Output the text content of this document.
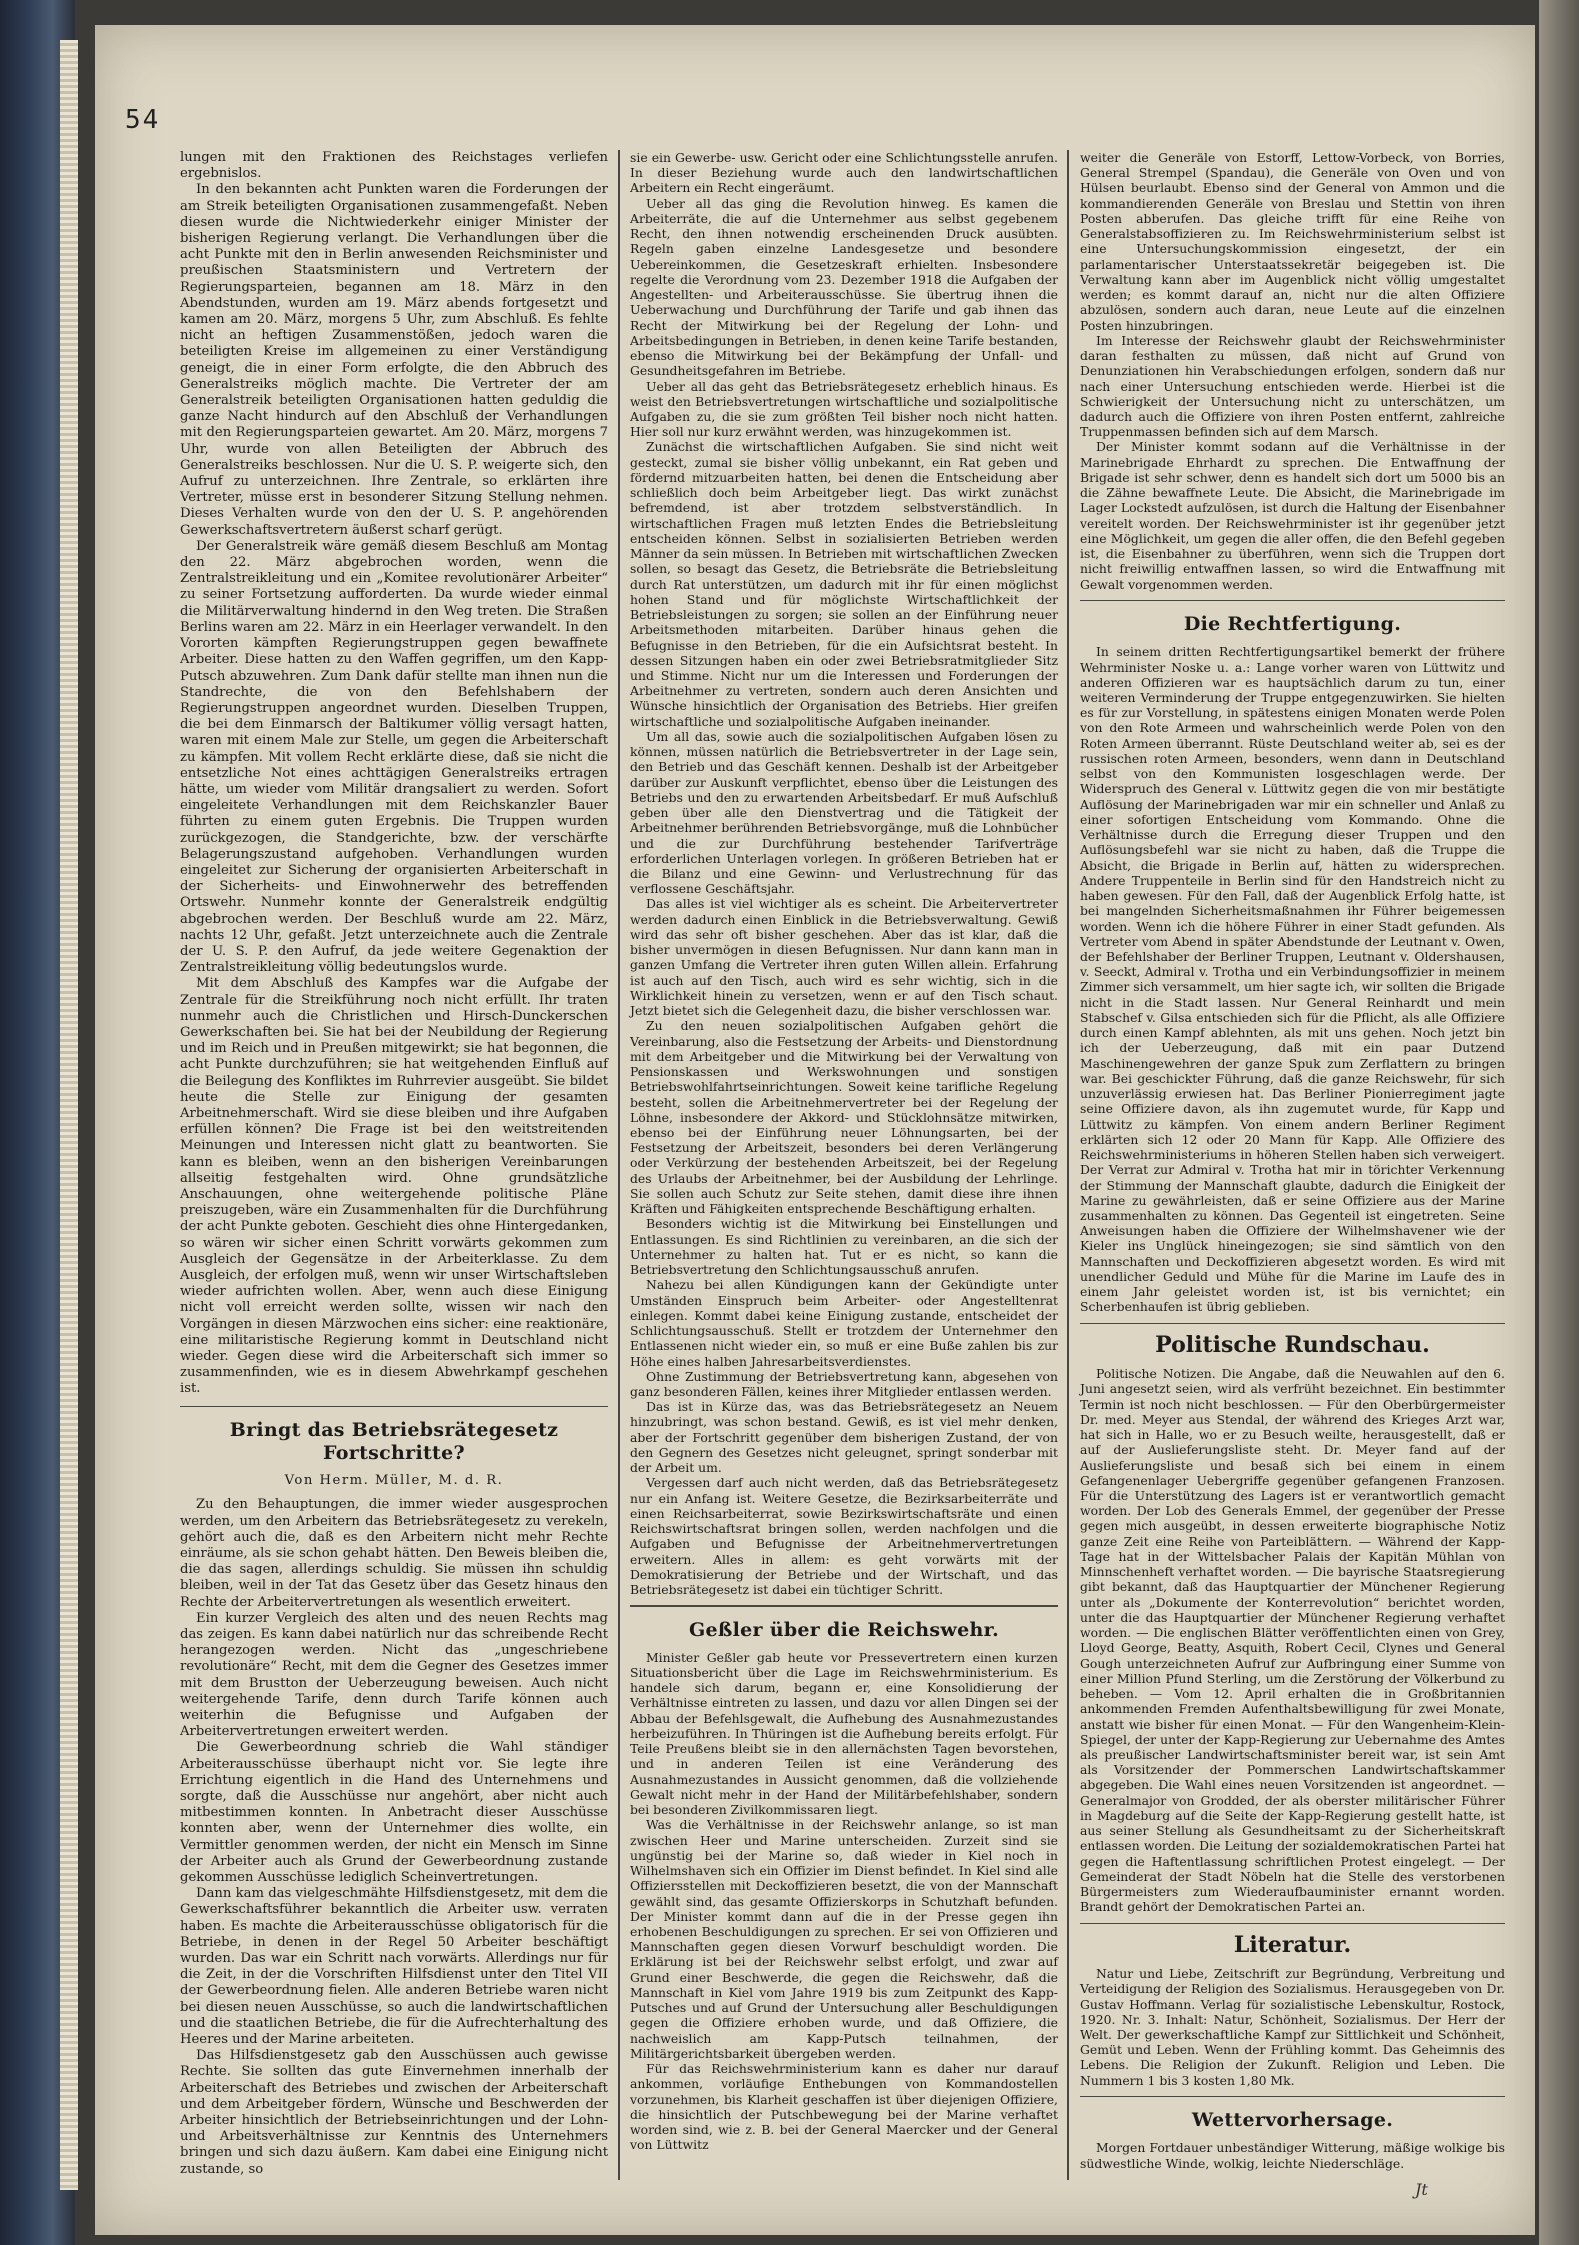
54

lungen mit den Fraktionen des Reichstages verliefen ergebnislos.

In den bekannten acht Punkten waren die Forderungen der am Streik beteiligten Organisationen zusammengefaßt. Neben diesen wurde die Nichtwiederkehr einiger Minister der bisherigen Regierung verlangt. Die Verhandlungen über die acht Punkte mit den in Berlin anwesenden Reichsminister und preußischen Staatsministern und Vertretern der Regierungsparteien, begannen am 18. März in den Abendstunden, wurden am 19. März abends fortgesetzt und kamen am 20. März, morgens 5 Uhr, zum Abschluß. Es fehlte nicht an heftigen Zusammenstößen, jedoch waren die beteiligten Kreise im allgemeinen zu einer Verständigung geneigt, die in einer Form erfolgte, die den Abbruch des Generalstreiks möglich machte. Die Vertreter der am Generalstreik beteiligten Organisationen hatten geduldig die ganze Nacht hindurch auf den Abschluß der Verhandlungen mit den Regierungsparteien gewartet. Am 20. März, morgens 7 Uhr, wurde von allen Beteiligten der Abbruch des Generalstreiks beschlossen. Nur die U. S. P. weigerte sich, den Aufruf zu unterzeichnen. Ihre Zentrale, so erklärten ihre Vertreter, müsse erst in besonderer Sitzung Stellung nehmen. Dieses Verhalten wurde von den der U. S. P. angehörenden Gewerkschaftsvertretern äußerst scharf gerügt.

Der Generalstreik wäre gemäß diesem Beschluß am Montag den 22. März abgebrochen worden, wenn die Zentralstreikleitung und ein „Komitee revolutionärer Arbeiter“ zu seiner Fortsetzung aufforderten. Da wurde wieder einmal die Militärverwaltung hindernd in den Weg treten. Die Straßen Berlins waren am 22. März in ein Heerlager verwandelt. In den Vororten kämpften Regierungstruppen gegen bewaffnete Arbeiter. Diese hatten zu den Waffen gegriffen, um den Kapp-Putsch abzuwehren. Zum Dank dafür stellte man ihnen nun die Standrechte, die von den Befehlshabern der Regierungstruppen angeordnet wurden. Dieselben Truppen, die bei dem Einmarsch der Baltikumer völlig versagt hatten, waren mit einem Male zur Stelle, um gegen die Arbeiterschaft zu kämpfen. Mit vollem Recht erklärte diese, daß sie nicht die entsetzliche Not eines achttägigen Generalstreiks ertragen hätte, um wieder vom Militär drangsaliert zu werden. Sofort eingeleitete Verhandlungen mit dem Reichskanzler Bauer führten zu einem guten Ergebnis. Die Truppen wurden zurückgezogen, die Standgerichte, bzw. der verschärfte Belagerungszustand aufgehoben. Verhandlungen wurden eingeleitet zur Sicherung der organisierten Arbeiterschaft in der Sicherheits- und Einwohnerwehr des betreffenden Ortswehr. Nunmehr konnte der Generalstreik endgültig abgebrochen werden. Der Beschluß wurde am 22. März, nachts 12 Uhr, gefaßt. Jetzt unterzeichnete auch die Zentrale der U. S. P. den Aufruf, da jede weitere Gegenaktion der Zentralstreikleitung völlig bedeutungslos wurde.

Mit dem Abschluß des Kampfes war die Aufgabe der Zentrale für die Streikführung noch nicht erfüllt. Ihr traten nunmehr auch die Christlichen und Hirsch-Dunckerschen Gewerkschaften bei. Sie hat bei der Neubildung der Regierung und im Reich und in Preußen mitgewirkt; sie hat begonnen, die acht Punkte durchzuführen; sie hat weitgehenden Einfluß auf die Beilegung des Konfliktes im Ruhrrevier ausgeübt. Sie bildet heute die Stelle zur Einigung der gesamten Arbeitnehmerschaft. Wird sie diese bleiben und ihre Aufgaben erfüllen können? Die Frage ist bei den weitstreitenden Meinungen und Interessen nicht glatt zu beantworten. Sie kann es bleiben, wenn an den bisherigen Vereinbarungen allseitig festgehalten wird. Ohne grundsätzliche Anschauungen, ohne weitergehende politische Pläne preiszugeben, wäre ein Zusammenhalten für die Durchführung der acht Punkte geboten. Geschieht dies ohne Hintergedanken, so wären wir sicher einen Schritt vorwärts gekommen zum Ausgleich der Gegensätze in der Arbeiterklasse. Zu dem Ausgleich, der erfolgen muß, wenn wir unser Wirtschaftsleben wieder aufrichten wollen. Aber, wenn auch diese Einigung nicht voll erreicht werden sollte, wissen wir nach den Vorgängen in diesen Märzwochen eins sicher: eine reaktionäre, eine militaristische Regierung kommt in Deutschland nicht wieder. Gegen diese wird die Arbeiterschaft sich immer so zusammenfinden, wie es in diesem Abwehrkampf geschehen ist.

Bringt das Betriebsrätegesetz Fortschritte?
Von Herm. Müller, M. d. R.

Zu den Behauptungen, die immer wieder ausgesprochen werden, um den Arbeitern das Betriebsrätegesetz zu verekeln, gehört auch die, daß es den Arbeitern nicht mehr Rechte einräume, als sie schon gehabt hätten. Den Beweis bleiben die, die das sagen, allerdings schuldig. Sie müssen ihn schuldig bleiben, weil in der Tat das Gesetz über das Gesetz hinaus den Rechte der Arbeitervertretungen als wesentlich erweitert.

Ein kurzer Vergleich des alten und des neuen Rechts mag das zeigen. Es kann dabei natürlich nur das schreibende Recht herangezogen werden. Nicht das „ungeschriebene revolutionäre“ Recht, mit dem die Gegner des Gesetzes immer mit dem Brustton der Ueberzeugung beweisen. Auch nicht weitergehende Tarife, denn durch Tarife können auch weiterhin die Befugnisse und Aufgaben der Arbeitervertretungen erweitert werden.

Die Gewerbeordnung schrieb die Wahl ständiger Arbeiterausschüsse überhaupt nicht vor. Sie legte ihre Errichtung eigentlich in die Hand des Unternehmens und sorgte, daß die Ausschüsse nur angehört, aber nicht auch mitbestimmen konnten. In Anbetracht dieser Ausschüsse konnten aber, wenn der Unternehmer dies wollte, ein Vermittler genommen werden, der nicht ein Mensch im Sinne der Arbeiter auch als Grund der Gewerbeordnung zustande gekommen Ausschüsse lediglich Scheinvertretungen.

Dann kam das vielgeschmähte Hilfsdienstgesetz, mit dem die Gewerkschaftsführer bekanntlich die Arbeiter usw. verraten haben. Es machte die Arbeiterausschüsse obligatorisch für die Betriebe, in denen in der Regel 50 Arbeiter beschäftigt wurden. Das war ein Schritt nach vorwärts. Allerdings nur für die Zeit, in der die Vorschriften Hilfsdienst unter den Titel VII der Gewerbeordnung fielen. Alle anderen Betriebe waren nicht bei diesen neuen Ausschüsse, so auch die landwirtschaftlichen und die staatlichen Betriebe, die für die Aufrechterhaltung des Heeres und der Marine arbeiteten.

Das Hilfsdienstgesetz gab den Ausschüssen auch gewisse Rechte. Sie sollten das gute Einvernehmen innerhalb der Arbeiterschaft des Betriebes und zwischen der Arbeiterschaft und dem Arbeitgeber fördern, Wünsche und Beschwerden der Arbeiter hinsichtlich der Betriebseinrichtungen und der Lohn- und Arbeitsverhältnisse zur Kenntnis des Unternehmers bringen und sich dazu äußern. Kam dabei eine Einigung nicht zustande, so

sie ein Gewerbe- usw. Gericht oder eine Schlichtungsstelle anrufen. In dieser Beziehung wurde auch den landwirtschaftlichen Arbeitern ein Recht eingeräumt.

Ueber all das ging die Revolution hinweg. Es kamen die Arbeiterräte, die auf die Unternehmer aus selbst gegebenem Recht, den ihnen notwendig erscheinenden Druck ausübten. Regeln gaben einzelne Landesgesetze und besondere Uebereinkommen, die Gesetzeskraft erhielten. Insbesondere regelte die Verordnung vom 23. Dezember 1918 die Aufgaben der Angestellten- und Arbeiterausschüsse. Sie übertrug ihnen die Ueberwachung und Durchführung der Tarife und gab ihnen das Recht der Mitwirkung bei der Regelung der Lohn- und Arbeitsbedingungen in Betrieben, in denen keine Tarife bestanden, ebenso die Mitwirkung bei der Bekämpfung der Unfall- und Gesundheitsgefahren im Betriebe.

Ueber all das geht das Betriebsrätegesetz erheblich hinaus. Es weist den Betriebsvertretungen wirtschaftliche und sozialpolitische Aufgaben zu, die sie zum größten Teil bisher noch nicht hatten. Hier soll nur kurz erwähnt werden, was hinzugekommen ist.

Zunächst die wirtschaftlichen Aufgaben. Sie sind nicht weit gesteckt, zumal sie bisher völlig unbekannt, ein Rat geben und fördernd mitzuarbeiten hatten, bei denen die Entscheidung aber schließlich doch beim Arbeitgeber liegt. Das wirkt zunächst befremdend, ist aber trotzdem selbstverständlich. In wirtschaftlichen Fragen muß letzten Endes die Betriebsleitung entscheiden können. Selbst in sozialisierten Betrieben werden Männer da sein müssen. In Betrieben mit wirtschaftlichen Zwecken sollen, so besagt das Gesetz, die Betriebsräte die Betriebsleitung durch Rat unterstützen, um dadurch mit ihr für einen möglichst hohen Stand und für möglichste Wirtschaftlichkeit der Betriebsleistungen zu sorgen; sie sollen an der Einführung neuer Arbeitsmethoden mitarbeiten. Darüber hinaus gehen die Befugnisse in den Betrieben, für die ein Aufsichtsrat besteht. In dessen Sitzungen haben ein oder zwei Betriebsratmitglieder Sitz und Stimme. Nicht nur um die Interessen und Forderungen der Arbeitnehmer zu vertreten, sondern auch deren Ansichten und Wünsche hinsichtlich der Organisation des Betriebs. Hier greifen wirtschaftliche und sozialpolitische Aufgaben ineinander.

Um all das, sowie auch die sozialpolitischen Aufgaben lösen zu können, müssen natürlich die Betriebsvertreter in der Lage sein, den Betrieb und das Geschäft kennen. Deshalb ist der Arbeitgeber darüber zur Auskunft verpflichtet, ebenso über die Leistungen des Betriebs und den zu erwartenden Arbeitsbedarf. Er muß Aufschluß geben über alle den Dienstvertrag und die Tätigkeit der Arbeitnehmer berührenden Betriebsvorgänge, muß die Lohnbücher und die zur Durchführung bestehender Tarifverträge erforderlichen Unterlagen vorlegen. In größeren Betrieben hat er die Bilanz und eine Gewinn- und Verlustrechnung für das verflossene Geschäftsjahr.

Das alles ist viel wichtiger als es scheint. Die Arbeitervertreter werden dadurch einen Einblick in die Betriebsverwaltung. Gewiß wird das sehr oft bisher geschehen. Aber das ist klar, daß die bisher unvermögen in diesen Befugnissen. Nur dann kann man in ganzen Umfang die Vertreter ihren guten Willen allein. Erfahrung ist auch auf den Tisch, auch wird es sehr wichtig, sich in die Wirklichkeit hinein zu versetzen, wenn er auf den Tisch schaut. Jetzt bietet sich die Gelegenheit dazu, die bisher verschlossen war.

Zu den neuen sozialpolitischen Aufgaben gehört die Vereinbarung, also die Festsetzung der Arbeits- und Dienstordnung mit dem Arbeitgeber und die Mitwirkung bei der Verwaltung von Pensionskassen und Werkswohnungen und sonstigen Betriebswohlfahrtseinrichtungen. Soweit keine tarifliche Regelung besteht, sollen die Arbeitnehmervertreter bei der Regelung der Löhne, insbesondere der Akkord- und Stücklohnsätze mitwirken, ebenso bei der Einführung neuer Löhnungsarten, bei der Festsetzung der Arbeitszeit, besonders bei deren Verlängerung oder Verkürzung der bestehenden Arbeitszeit, bei der Regelung des Urlaubs der Arbeitnehmer, bei der Ausbildung der Lehrlinge. Sie sollen auch Schutz zur Seite stehen, damit diese ihre ihnen Kräften und Fähigkeiten entsprechende Beschäftigung erhalten.

Besonders wichtig ist die Mitwirkung bei Einstellungen und Entlassungen. Es sind Richtlinien zu vereinbaren, an die sich der Unternehmer zu halten hat. Tut er es nicht, so kann die Betriebsvertretung den Schlichtungsausschuß anrufen.

Nahezu bei allen Kündigungen kann der Gekündigte unter Umständen Einspruch beim Arbeiter- oder Angestelltenrat einlegen. Kommt dabei keine Einigung zustande, entscheidet der Schlichtungsausschuß. Stellt er trotzdem der Unternehmer den Entlassenen nicht wieder ein, so muß er eine Buße zahlen bis zur Höhe eines halben Jahresarbeitsverdienstes.

Ohne Zustimmung der Betriebsvertretung kann, abgesehen von ganz besonderen Fällen, keines ihrer Mitglieder entlassen werden.

Das ist in Kürze das, was das Betriebsrätegesetz an Neuem hinzubringt, was schon bestand. Gewiß, es ist viel mehr denken, aber der Fortschritt gegenüber dem bisherigen Zustand, der von den Gegnern des Gesetzes nicht geleugnet, springt sonderbar mit der Arbeit um.

Vergessen darf auch nicht werden, daß das Betriebsrätegesetz nur ein Anfang ist. Weitere Gesetze, die Bezirksarbeiterräte und einen Reichsarbeiterrat, sowie Bezirkswirtschaftsräte und einen Reichswirtschaftsrat bringen sollen, werden nachfolgen und die Aufgaben und Befugnisse der Arbeitnehmervertretungen erweitern. Alles in allem: es geht vorwärts mit der Demokratisierung der Betriebe und der Wirtschaft, und das Betriebsrätegesetz ist dabei ein tüchtiger Schritt.

Geßler über die Reichswehr.

Minister Geßler gab heute vor Pressevertretern einen kurzen Situationsbericht über die Lage im Reichswehrministerium. Es handele sich darum, begann er, eine Konsolidierung der Verhältnisse eintreten zu lassen, und dazu vor allen Dingen sei der Abbau der Befehlsgewalt, die Aufhebung des Ausnahmezustandes herbeizuführen. In Thüringen ist die Aufhebung bereits erfolgt. Für Teile Preußens bleibt sie in den allernächsten Tagen bevorstehen, und in anderen Teilen ist eine Veränderung des Ausnahmezustandes in Aussicht genommen, daß die vollziehende Gewalt nicht mehr in der Hand der Militärbefehlshaber, sondern bei besonderen Zivilkommissaren liegt.

Was die Verhältnisse in der Reichswehr anlange, so ist man zwischen Heer und Marine unterscheiden. Zurzeit sind sie ungünstig bei der Marine so, daß wieder in Kiel noch in Wilhelmshaven sich ein Offizier im Dienst befindet. In Kiel sind alle Offiziersstellen mit Deckoffizieren besetzt, die von der Mannschaft gewählt sind, das gesamte Offizierskorps in Schutzhaft befunden. Der Minister kommt dann auf die in der Presse gegen ihn erhobenen Beschuldigungen zu sprechen. Er sei von Offizieren und Mannschaften gegen diesen Vorwurf beschuldigt worden. Die Erklärung ist bei der Reichswehr selbst erfolgt, und zwar auf Grund einer Beschwerde, die gegen die Reichswehr, daß die Mannschaft in Kiel vom Jahre 1919 bis zum Zeitpunkt des Kapp-Putsches und auf Grund der Untersuchung aller Beschuldigungen gegen die Offiziere erhoben wurde, und daß Offiziere, die nachweislich am Kapp-Putsch teilnahmen, der Militärgerichtsbarkeit übergeben werden.

Für das Reichswehrministerium kann es daher nur darauf ankommen, vorläufige Enthebungen von Kommandostellen vorzunehmen, bis Klarheit geschaffen ist über diejenigen Offiziere, die hinsichtlich der Putschbewegung bei der Marine verhaftet worden sind, wie z. B. bei der General Maercker und der General von Lüttwitz

weiter die Generäle von Estorff, Lettow-Vorbeck, von Borries, General Strempel (Spandau), die Generäle von Oven und von Hülsen beurlaubt. Ebenso sind der General von Ammon und die kommandierenden Generäle von Breslau und Stettin von ihren Posten abberufen. Das gleiche trifft für eine Reihe von Generalstabsoffizieren zu. Im Reichswehrministerium selbst ist eine Untersuchungskommission eingesetzt, der ein parlamentarischer Unterstaatssekretär beigegeben ist. Die Verwaltung kann aber im Augenblick nicht völlig umgestaltet werden; es kommt darauf an, nicht nur die alten Offiziere abzulösen, sondern auch daran, neue Leute auf die einzelnen Posten hinzubringen.

Im Interesse der Reichswehr glaubt der Reichswehrminister daran festhalten zu müssen, daß nicht auf Grund von Denunziationen hin Verabschiedungen erfolgen, sondern daß nur nach einer Untersuchung entschieden werde. Hierbei ist die Schwierigkeit der Untersuchung nicht zu unterschätzen, um dadurch auch die Offiziere von ihren Posten entfernt, zahlreiche Truppenmassen befinden sich auf dem Marsch.

Der Minister kommt sodann auf die Verhältnisse in der Marinebrigade Ehrhardt zu sprechen. Die Entwaffnung der Brigade ist sehr schwer, denn es handelt sich dort um 5000 bis an die Zähne bewaffnete Leute. Die Absicht, die Marinebrigade im Lager Lockstedt aufzulösen, ist durch die Haltung der Eisenbahner vereitelt worden. Der Reichswehrminister ist ihr gegenüber jetzt eine Möglichkeit, um gegen die aller offen, die den Befehl gegeben ist, die Eisenbahner zu überführen, wenn sich die Truppen dort nicht freiwillig entwaffnen lassen, so wird die Entwaffnung mit Gewalt vorgenommen werden.

Die Rechtfertigung.

In seinem dritten Rechtfertigungsartikel bemerkt der frühere Wehrminister Noske u. a.: Lange vorher waren von Lüttwitz und anderen Offizieren war es hauptsächlich darum zu tun, einer weiteren Verminderung der Truppe entgegenzuwirken. Sie hielten es für zur Vorstellung, in spätestens einigen Monaten werde Polen von den Rote Armeen und wahrscheinlich werde Polen von den Roten Armeen überrannt. Rüste Deutschland weiter ab, sei es der russischen roten Armeen, besonders, wenn dann in Deutschland selbst von den Kommunisten losgeschlagen werde. Der Widerspruch des General v. Lüttwitz gegen die von mir bestätigte Auflösung der Marinebrigaden war mir ein schneller und Anlaß zu einer sofortigen Entscheidung vom Kommando. Ohne die Verhältnisse durch die Erregung dieser Truppen und den Auflösungsbefehl war sie nicht zu haben, daß die Truppe die Absicht, die Brigade in Berlin auf, hätten zu widersprechen. Andere Truppenteile in Berlin sind für den Handstreich nicht zu haben gewesen. Für den Fall, daß der Augenblick Erfolg hatte, ist bei mangelnden Sicherheitsmaßnahmen ihr Führer beigemessen worden. Wenn ich die höhere Führer in einer Stadt gefunden. Als Vertreter vom Abend in später Abendstunde der Leutnant v. Owen, der Befehlshaber der Berliner Truppen, Leutnant v. Oldershausen, v. Seeckt, Admiral v. Trotha und ein Verbindungsoffizier in meinem Zimmer sich versammelt, um hier sagte ich, wir sollten die Brigade nicht in die Stadt lassen. Nur General Reinhardt und mein Stabschef v. Gilsa entschieden sich für die Pflicht, als alle Offiziere durch einen Kampf ablehnten, als mit uns gehen. Noch jetzt bin ich der Ueberzeugung, daß mit ein paar Dutzend Maschinengewehren der ganze Spuk zum Zerflattern zu bringen war. Bei geschickter Führung, daß die ganze Reichswehr, für sich unzuverlässig erwiesen hat. Das Berliner Pionierregiment jagte seine Offiziere davon, als ihn zugemutet wurde, für Kapp und Lüttwitz zu kämpfen. Von einem andern Berliner Regiment erklärten sich 12 oder 20 Mann für Kapp. Alle Offiziere des Reichswehrministeriums in höheren Stellen haben sich verweigert. Der Verrat zur Admiral v. Trotha hat mir in törichter Verkennung der Stimmung der Mannschaft glaubte, dadurch die Einigkeit der Marine zu gewährleisten, daß er seine Offiziere aus der Marine zusammenhalten zu können. Das Gegenteil ist eingetreten. Seine Anweisungen haben die Offiziere der Wilhelmshavener wie der Kieler ins Unglück hineingezogen; sie sind sämtlich von den Mannschaften und Deckoffizieren abgesetzt worden. Es wird mit unendlicher Geduld und Mühe für die Marine im Laufe des in einem Jahr geleistet worden ist, ist bis vernichtet; ein Scherbenhaufen ist übrig geblieben.

Politische Rundschau.

Politische Notizen. Die Angabe, daß die Neuwahlen auf den 6. Juni angesetzt seien, wird als verfrüht bezeichnet. Ein bestimmter Termin ist noch nicht beschlossen. — Für den Oberbürgermeister Dr. med. Meyer aus Stendal, der während des Krieges Arzt war, hat sich in Halle, wo er zu Besuch weilte, herausgestellt, daß er auf der Auslieferungsliste steht. Dr. Meyer fand auf der Auslieferungsliste und besaß sich bei einem in einem Gefangenenlager Uebergriffe gegenüber gefangenen Franzosen. Für die Unterstützung des Lagers ist er verantwortlich gemacht worden. Der Lob des Generals Emmel, der gegenüber der Presse gegen mich ausgeübt, in dessen erweiterte biographische Notiz ganze Zeit eine Reihe von Parteiblättern. — Während der Kapp-Tage hat in der Wittelsbacher Palais der Kapitän Mühlan von Minnschenheft verhaftet worden. — Die bayrische Staatsregierung gibt bekannt, daß das Hauptquartier der Münchener Regierung unter als „Dokumente der Konterrevolution“ berichtet worden, unter die das Hauptquartier der Münchener Regierung verhaftet worden. — Die englischen Blätter veröffentlichten einen von Grey, Lloyd George, Beatty, Asquith, Robert Cecil, Clynes und General Gough unterzeichneten Aufruf zur Aufbringung einer Summe von einer Million Pfund Sterling, um die Zerstörung der Völkerbund zu beheben. — Vom 12. April erhalten die in Großbritannien ankommenden Fremden Aufenthaltsbewilligung für zwei Monate, anstatt wie bisher für einen Monat. — Für den Wangenheim-Klein-Spiegel, der unter der Kapp-Regierung zur Uebernahme des Amtes als preußischer Landwirtschaftsminister bereit war, ist sein Amt als Vorsitzender der Pommerschen Landwirtschaftskammer abgegeben. Die Wahl eines neuen Vorsitzenden ist angeordnet. — Generalmajor von Grodded, der als oberster militärischer Führer in Magdeburg auf die Seite der Kapp-Regierung gestellt hatte, ist aus seiner Stellung als Gesundheitsamt zu der Sicherheitskraft entlassen worden. Die Leitung der sozialdemokratischen Partei hat gegen die Haftentlassung schriftlichen Protest eingelegt. — Der Gemeinderat der Stadt Nöbeln hat die Stelle des verstorbenen Bürgermeisters zum Wiederaufbauminister ernannt worden. Brandt gehört der Demokratischen Partei an.

Literatur.

Natur und Liebe, Zeitschrift zur Begründung, Verbreitung und Verteidigung der Religion des Sozialismus. Herausgegeben von Dr. Gustav Hoffmann. Verlag für sozialistische Lebenskultur, Rostock, 1920. Nr. 3. Inhalt: Natur, Schönheit, Sozialismus. Der Herr der Welt. Der gewerkschaftliche Kampf zur Sittlichkeit und Schönheit, Gemüt und Leben. Wenn der Frühling kommt. Das Geheimnis des Lebens. Die Religion der Zukunft. Religion und Leben. Die Nummern 1 bis 3 kosten 1,80 Mk.

Wettervorhersage.

Morgen Fortdauer unbeständiger Witterung, mäßige wolkige bis südwestliche Winde, wolkig, leichte Niederschläge.

Jt
